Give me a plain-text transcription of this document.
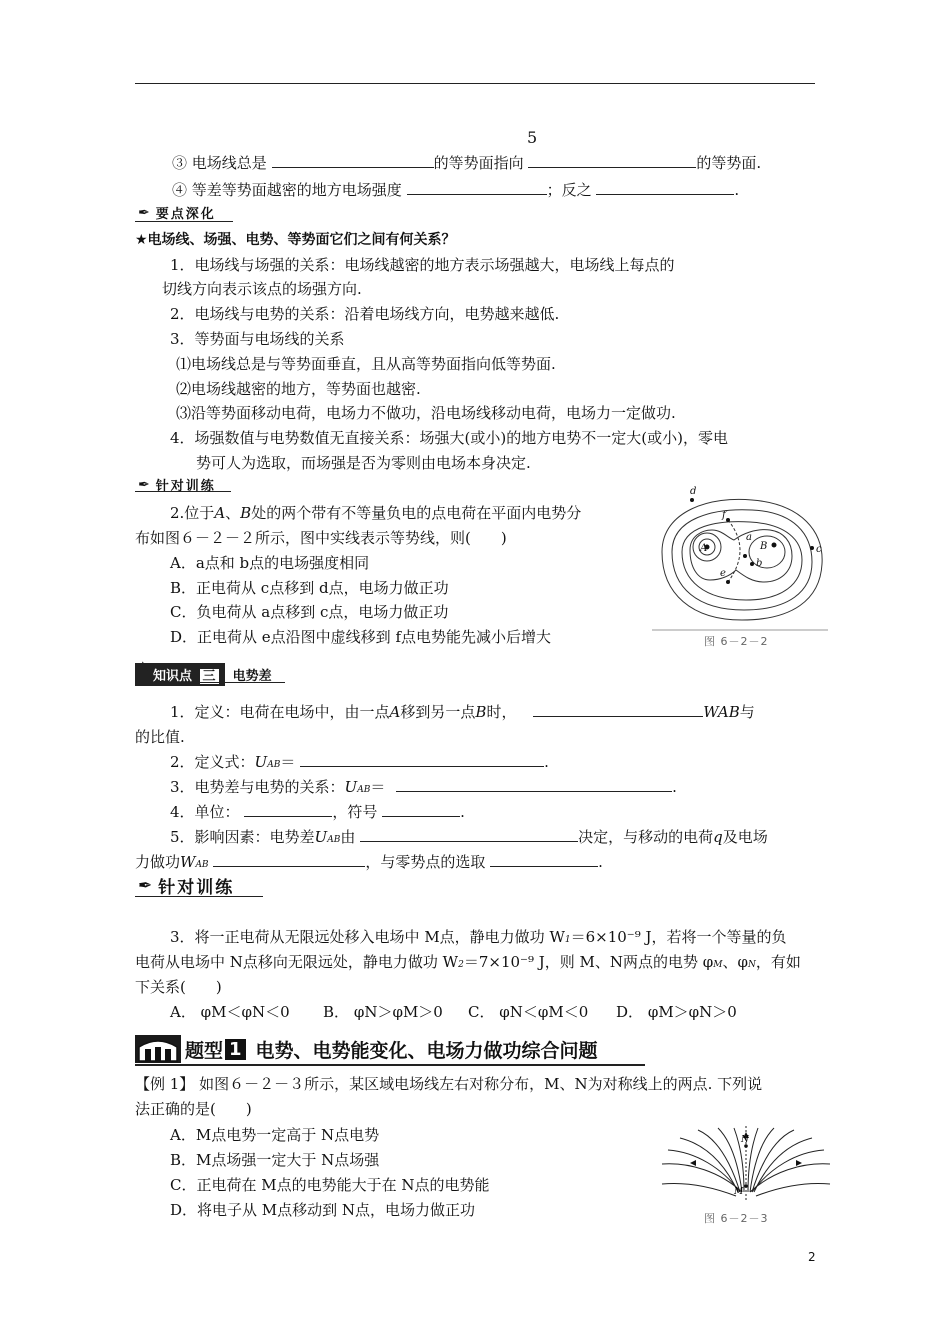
5
③ 电场线总是	的等势面指向	的等势面.
④ 等差等势面越密的地方电场强度	；反之	.
✒ 要点深化
★电场线、场强、电势、等势面它们之间有何关系？
1．电场线与场强的关系：电场线越密的地方表示场强越大，电场线上每点的
切线方向表示该点的场强方向.
2．电场线与电势的关系：沿着电场线方向，电势越来越低.
3．等势面与电场线的关系
⑴电场线总是与等势面垂直，且从高等势面指向低等势面.
⑵电场线越密的地方，等势面也越密.
⑶沿等势面移动电荷，电场力不做功，沿电场线移动电荷，电场力一定做功.
4．场强数值与电势数值无直接关系：场强大(或小)的地方电势不一定大(或小)，零电
势可人为选取，而场强是否为零则由电场本身决定.
✒ 针对训练
2.位于A、B处的两个带有不等量负电的点电荷在平面内电势分
布如图６－２－２所示，图中实线表示等势线，则(　　)
A．a点和 b点的电场强度相同
B．正电荷从 c点移到 d点，电场力做正功
C．负电荷从 a点移到 c点，电场力做正功
D．正电荷从 e点沿图中虚线移到 f点电势能先减小后增大
d
f
a
A	B
b
c
e
图 6－2－2
▲
知识点 三	电势差
1．定义：电荷在电场中，由一点A移到另一点B时，	WAB与
的比值.
2．定义式：UAB＝	.
3．电势差与电势的关系：UAB＝	.
4．单位：	，符号	.
5．影响因素：电势差UAB由	决定，与移动的电荷q及电场
力做功WAB	，与零势点的选取	.
✒ 针对训练
3．将一正电荷从无限远处移入电场中 M点，静电力做功 W1＝6×10⁻⁹ J，若将一个等量的负
电荷从电场中 N点移向无限远处，静电力做功 W2＝7×10⁻⁹ J，则 M、N两点的电势 φM、φN，有如
下关系(　　)
A． φM＜φN＜0 B． φN＞φM＞0 C． φN＜φM＜0 D． φM＞φN＞0
题型 1 电势、电势能变化、电场力做功综合问题
【例 1】 如图６－２－３所示，某区域电场线左右对称分布，M、N为对称线上的两点. 下列说
法正确的是(　　)
A．M点电势一定高于 N点电势
B．M点场强一定大于 N点场强
C．正电荷在 M点的电势能大于在 N点的电势能
D．将电子从 M点移动到 N点，电场力做正功
N
M
图 6－2－3
2
